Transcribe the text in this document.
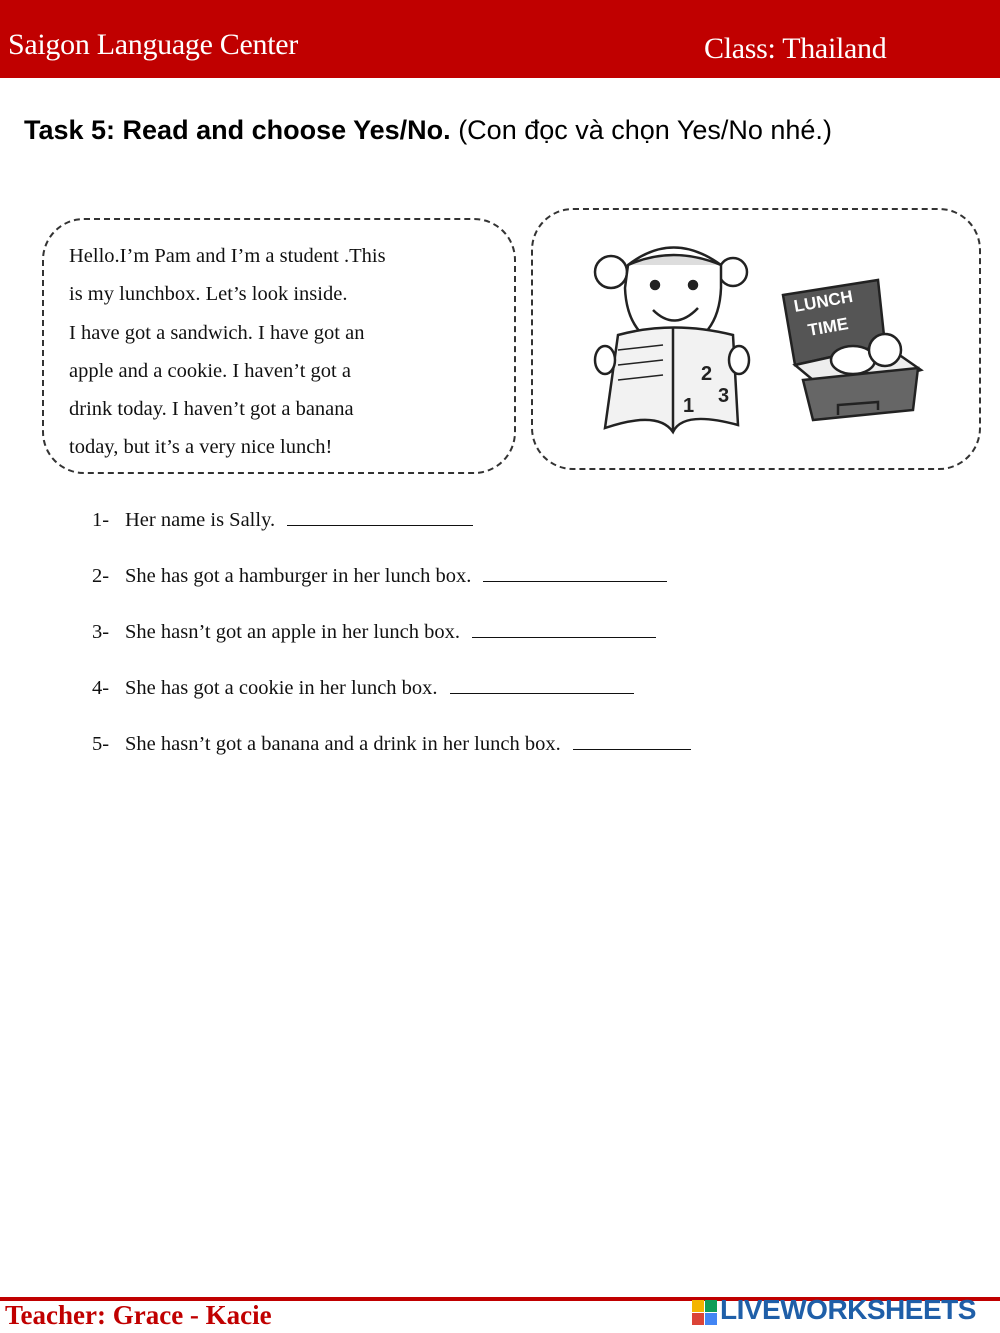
Saigon Language Center	Class: Thailand
Task 5: Read and choose Yes/No. (Con đọc và chọn Yes/No nhé.)
Hello.I’m Pam and I’m a student .This
is my lunchbox. Let’s look inside.
I have got a sandwich. I have got an
apple and a cookie. I haven’t got a
drink today. I haven’t got a banana
today, but it’s a very nice lunch!
2
1 3
LUNCH
TIME
1- Her name is Sally.
2- She has got a hamburger in her lunch box.
3- She hasn’t got an apple in her lunch box.
4- She has got a cookie in her lunch box.
5- She hasn’t got a banana and a drink in her lunch box.
Teacher: Grace - Kacie	LIVEWORKSHEETS
